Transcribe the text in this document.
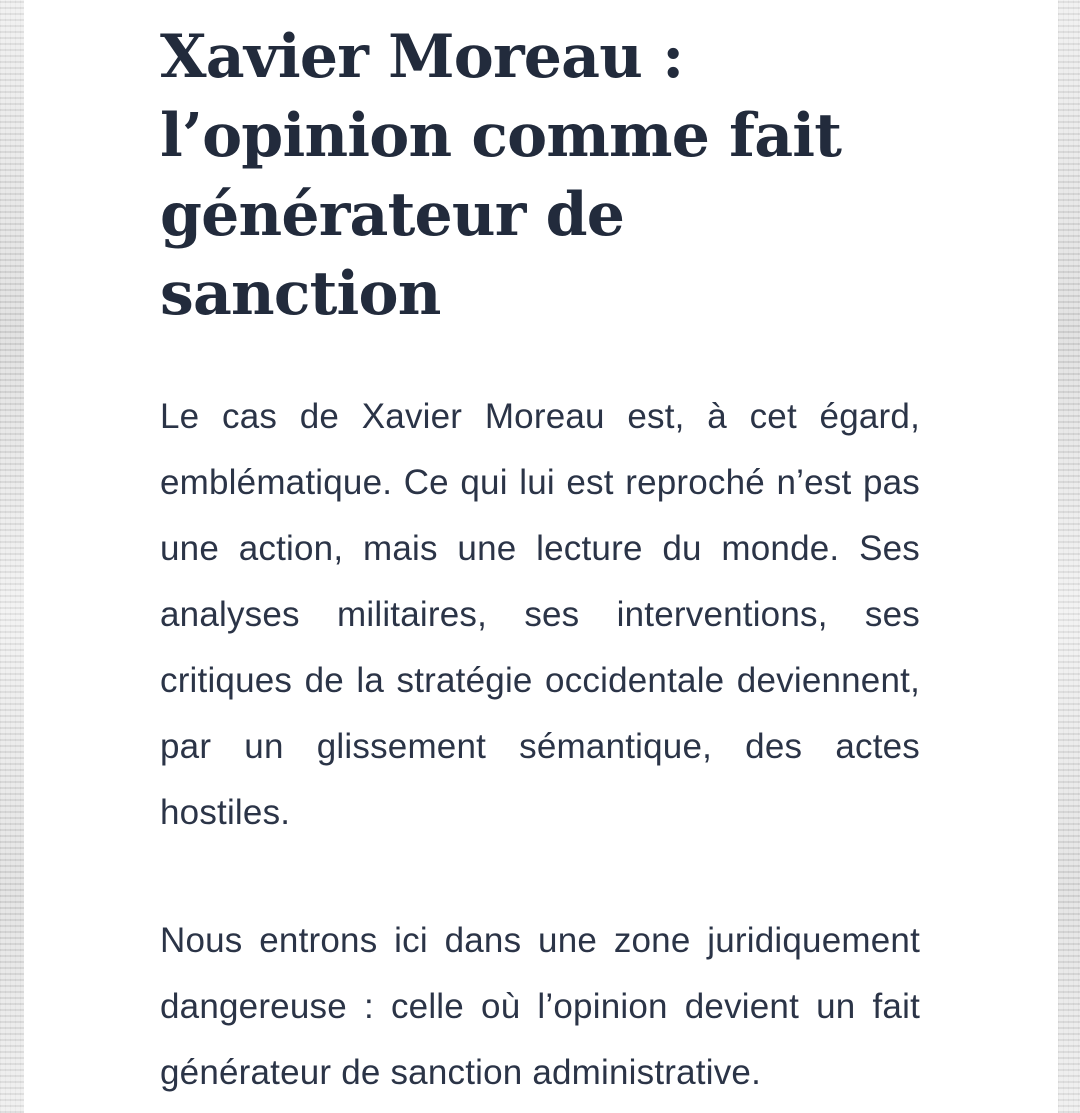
Xavier Moreau : l’opinion comme fait générateur de sanction

Le cas de Xavier Moreau est, à cet égard, emblématique. Ce qui lui est reproché n’est pas une action, mais une lecture du monde. Ses analyses militaires, ses interventions, ses critiques de la stratégie occidentale deviennent, par un glissement sémantique, des actes hostiles.

Nous entrons ici dans une zone juridiquement dangereuse : celle où l’opinion devient un fait générateur de sanction administrative.
